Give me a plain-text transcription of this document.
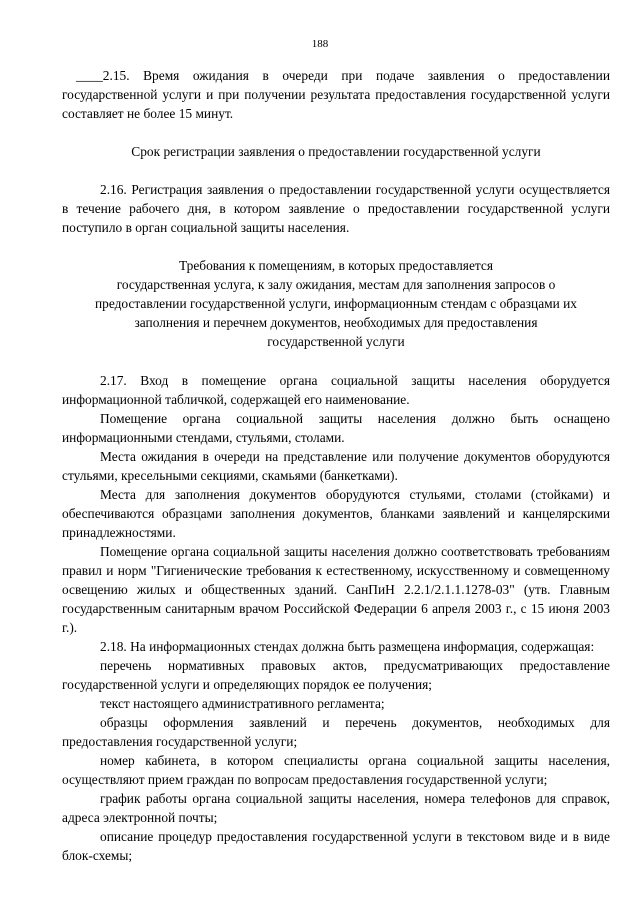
188

____2.15. Время ожидания в очереди при подаче заявления о предоставлении государственной услуги и при получении результата предоставления государственной услуги составляет не более 15 минут.

Срок регистрации заявления о предоставлении государственной услуги

2.16. Регистрация заявления о предоставлении государственной услуги осуществляется в течение рабочего дня, в котором заявление о предоставлении государственной услуги поступило в орган социальной защиты населения.

Требования к помещениям, в которых предоставляется
государственная услуга, к залу ожидания, местам для заполнения запросов о
предоставлении государственной услуги, информационным стендам с образцами их
заполнения и перечнем документов, необходимых для предоставления
государственной услуги

2.17. Вход в помещение органа социальной защиты населения оборудуется информационной табличкой, содержащей его наименование.

Помещение органа социальной защиты населения должно быть оснащено информационными стендами, стульями, столами.

Места ожидания в очереди на представление или получение документов оборудуются стульями, кресельными секциями, скамьями (банкетками).

Места для заполнения документов оборудуются стульями, столами (стойками) и обеспечиваются образцами заполнения документов, бланками заявлений и канцелярскими принадлежностями.

Помещение органа социальной защиты населения должно соответствовать требованиям правил и норм "Гигиенические требования к естественному, искусственному и совмещенному освещению жилых и общественных зданий. СанПиН 2.2.1/2.1.1.1278-03" (утв. Главным государственным санитарным врачом Российской Федерации 6 апреля 2003 г., с 15 июня 2003 г.).

2.18. На информационных стендах должна быть размещена информация, содержащая:

перечень нормативных правовых актов, предусматривающих предоставление государственной услуги и определяющих порядок ее получения;

текст настоящего административного регламента;

образцы оформления заявлений и перечень документов, необходимых для предоставления государственной услуги;

номер кабинета, в котором специалисты органа социальной защиты населения, осуществляют прием граждан по вопросам предоставления государственной услуги;

график работы органа социальной защиты населения, номера телефонов для справок, адреса электронной почты;

описание процедур предоставления государственной услуги в текстовом виде и в виде блок-схемы;
